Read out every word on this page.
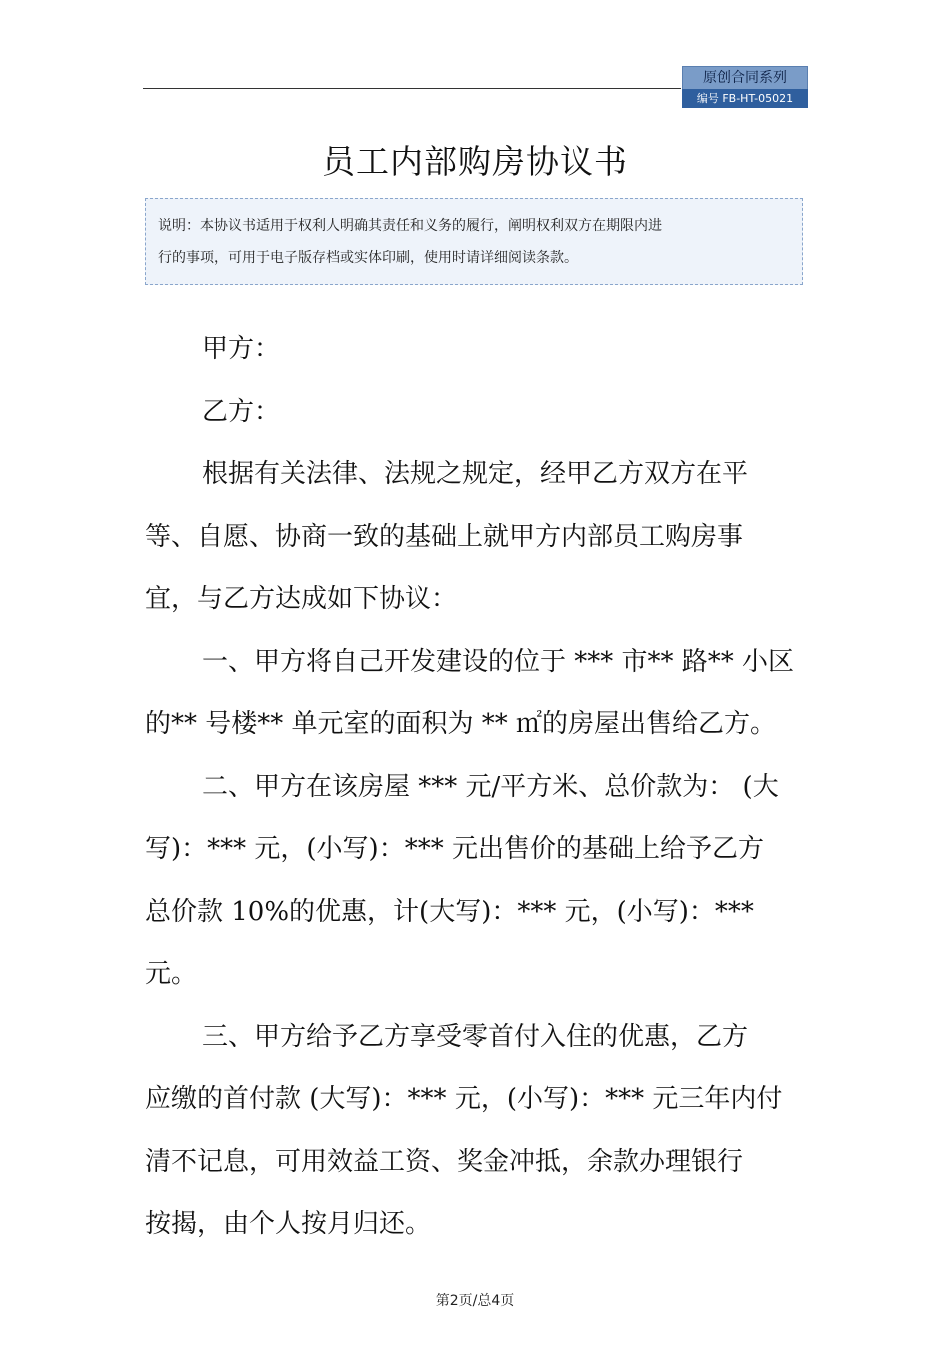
原创合同系列
编号 FB-HT-05021
员工内部购房协议书

说明：本协议书适用于权利人明确其责任和义务的履行，阐明权利双方在期限内进

行的事项，可用于电子版存档或实体印刷，使用时请详细阅读条款。

甲方：

乙方：

根据有关法律、法规之规定，经甲乙方双方在平

等、自愿、协商一致的基础上就甲方内部员工购房事

宜，与乙方达成如下协议：

一、甲方将自己开发建设的位于 *** 市** 路** 小区

的** 号楼** 单元室的面积为 ** ㎡的房屋出售给乙方。

二、甲方在该房屋 *** 元/平方米、总价款为： (大

写)：*** 元，(小写)：*** 元出售价的基础上给予乙方

总价款 10%的优惠，计(大写)：*** 元，(小写)：*** 元。

三、甲方给予乙方享受零首付入住的优惠，乙方

应缴的首付款 (大写)：*** 元，(小写)：*** 元三年内付

清不记息，可用效益工资、奖金冲抵，余款办理银行

按揭，由个人按月归还。

第2页/总4页
